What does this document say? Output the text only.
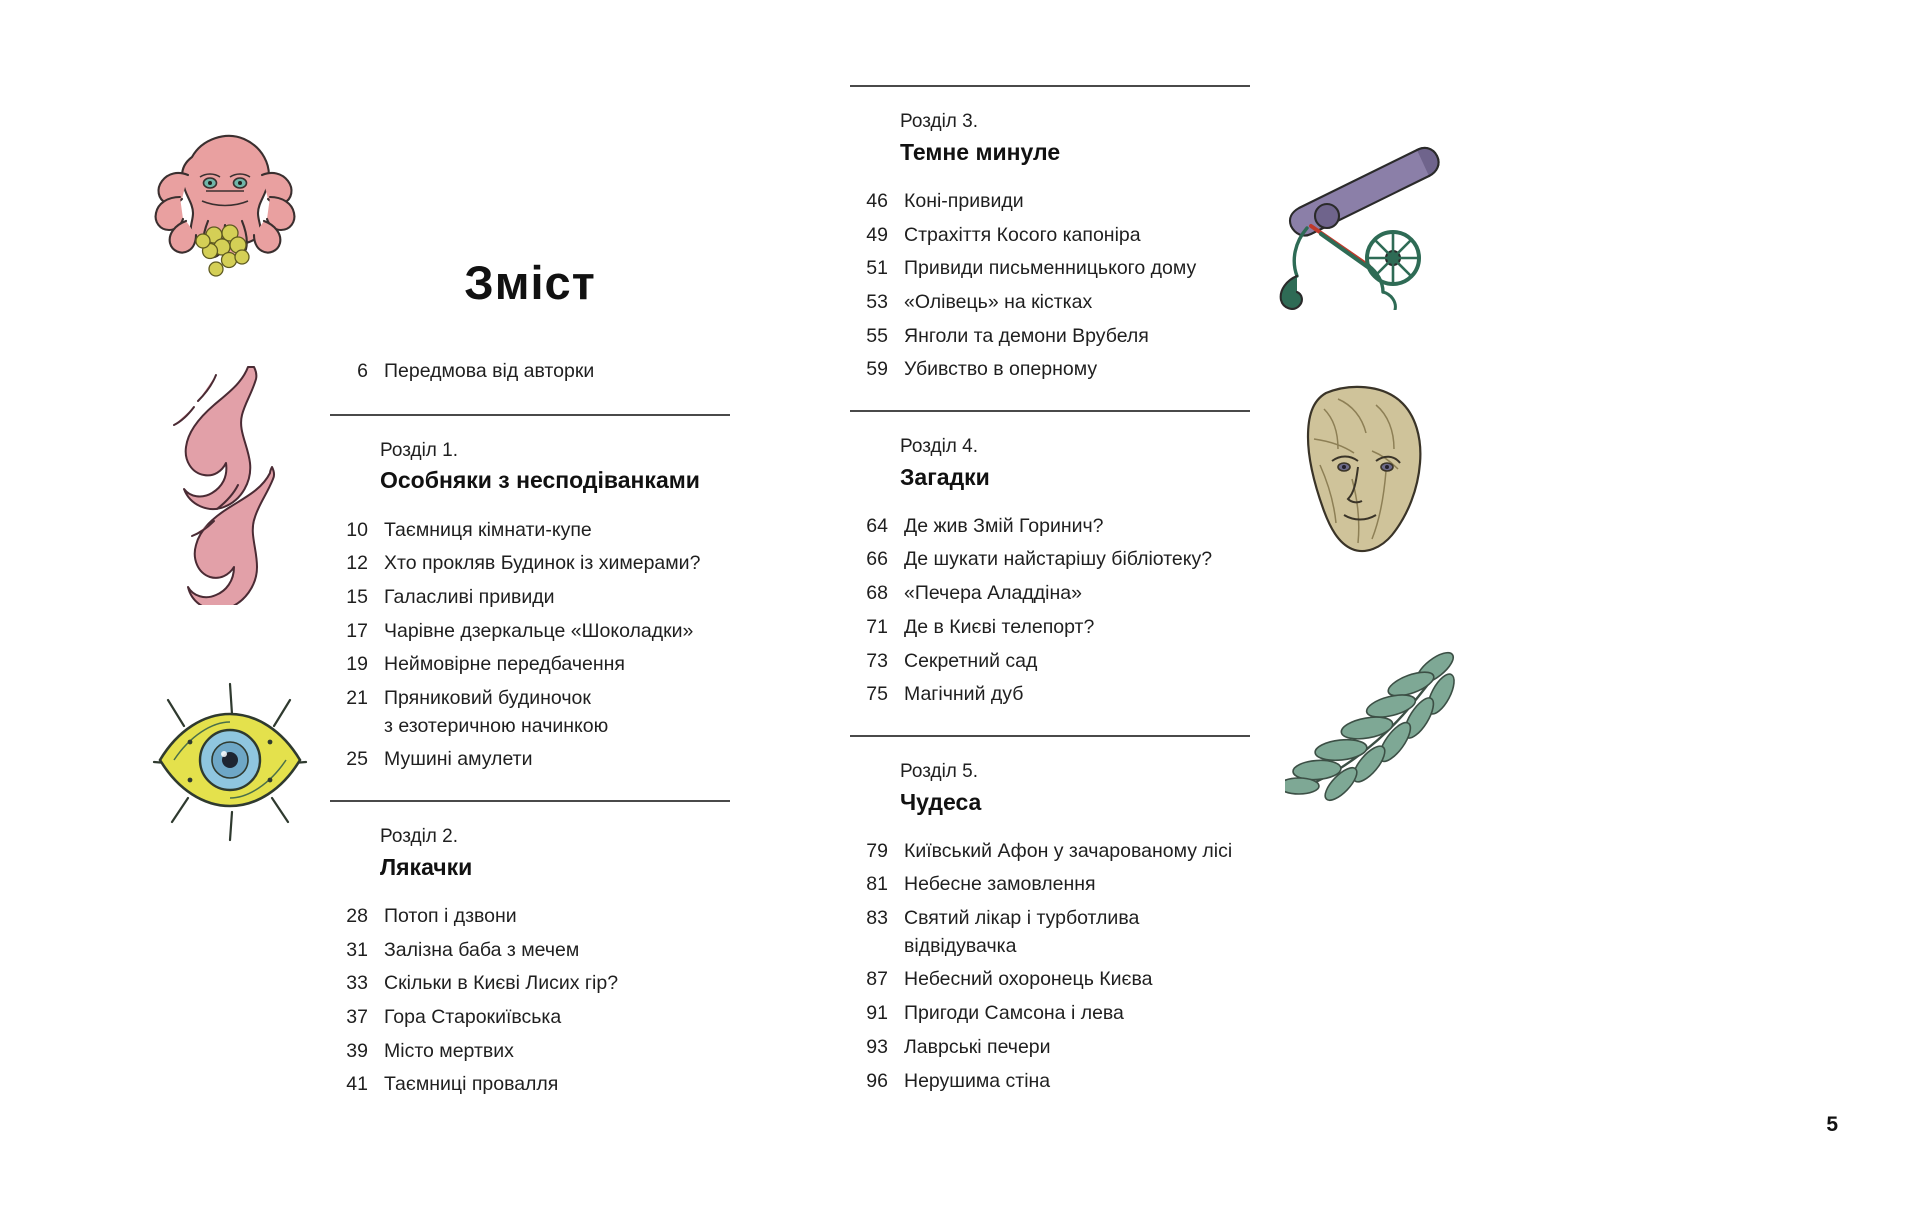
Зміст
6 Передмова від авторки
Розділ 1.
Особняки з несподіванками
10 Таємниця кімнати-купе
12 Хто прокляв Будинок із химерами?
15 Галасливі привиди
17 Чарівне дзеркальце «Шоколадки»
19 Неймовірне передбачення
21 Пряниковий будиночок
з езотеричною начинкою
25 Мушині амулети
Розділ 2.
Лякачки
28 Потоп і дзвони
31 Залізна баба з мечем
33 Скільки в Києві Лисих гір?
37 Гора Старокиївська
39 Місто мертвих
41 Таємниці провалля
Розділ 3.
Темне минуле
46 Коні-привиди
49 Страхіття Косого капоніра
51 Привиди письменницького дому
53 «Олівець» на кістках
55 Янголи та демони Врубеля
59 Убивство в оперному
Розділ 4.
Загадки
64 Де жив Змій Горинич?
66 Де шукати найстарішу бібліотеку?
68 «Печера Аладдіна»
71 Де в Києві телепорт?
73 Секретний сад
75 Магічний дуб
Розділ 5.
Чудеса
79 Київський Афон у зачарованому лісі
81 Небесне замовлення
83 Святий лікар і турботлива
відвідувачка
87 Небесний охоронець Києва
91 Пригоди Самсона і лева
93 Лаврські печери
96 Нерушима стіна
5
